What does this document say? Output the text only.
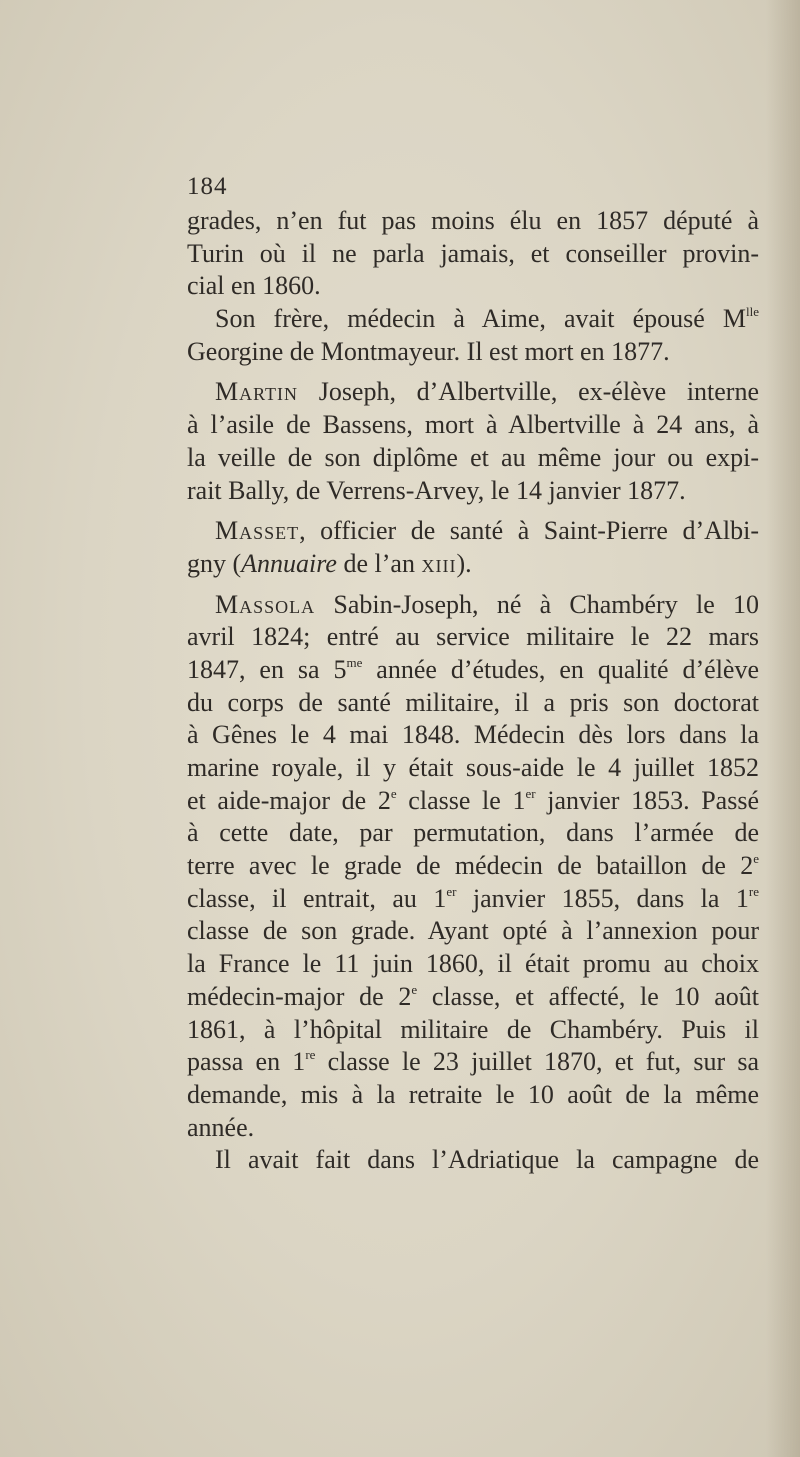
184
grades, n’en fut pas moins élu en 1857 député à
Turin où il ne parla jamais, et conseiller provin-
cial en 1860.
Son frère, médecin à Aime, avait épousé $M^{lle}$
Georgine de Montmayeur. Il est mort en 1877.
Martin Joseph, d’Albertville, ex-élève interne
à l’asile de Bassens, mort à Albertville à 24 ans, à
la veille de son diplôme et au même jour ou expi-
rait Bally, de Verrens-Arvey, le 14 janvier 1877.
Masset, officier de santé à Saint-Pierre d’Albi-
gny (Annuaire de l’an xiii).
Massola Sabin-Joseph, né à Chambéry le 10
avril 1824; entré au service militaire le 22 mars
1847, en sa $5^{me}$ année d’études, en qualité d’élève
du corps de santé militaire, il a pris son doctorat
à Gênes le 4 mai 1848. Médecin dès lors dans la
marine royale, il y était sous-aide le 4 juillet 1852
et aide-major de 2e classe le 1er janvier 1853. Passé
à cette date, par permutation, dans l’armée de
terre avec le grade de médecin de bataillon de 2e
classe, il entrait, au 1er janvier 1855, dans la 1re
classe de son grade. Ayant opté à l’annexion pour
la France le 11 juin 1860, il était promu au choix
médecin-major de 2e classe, et affecté, le 10 août
1861, à l’hôpital militaire de Chambéry. Puis il
passa en 1re classe le 23 juillet 1870, et fut, sur sa
demande, mis à la retraite le 10 août de la même
année.
Il avait fait dans l’Adriatique la campagne de
